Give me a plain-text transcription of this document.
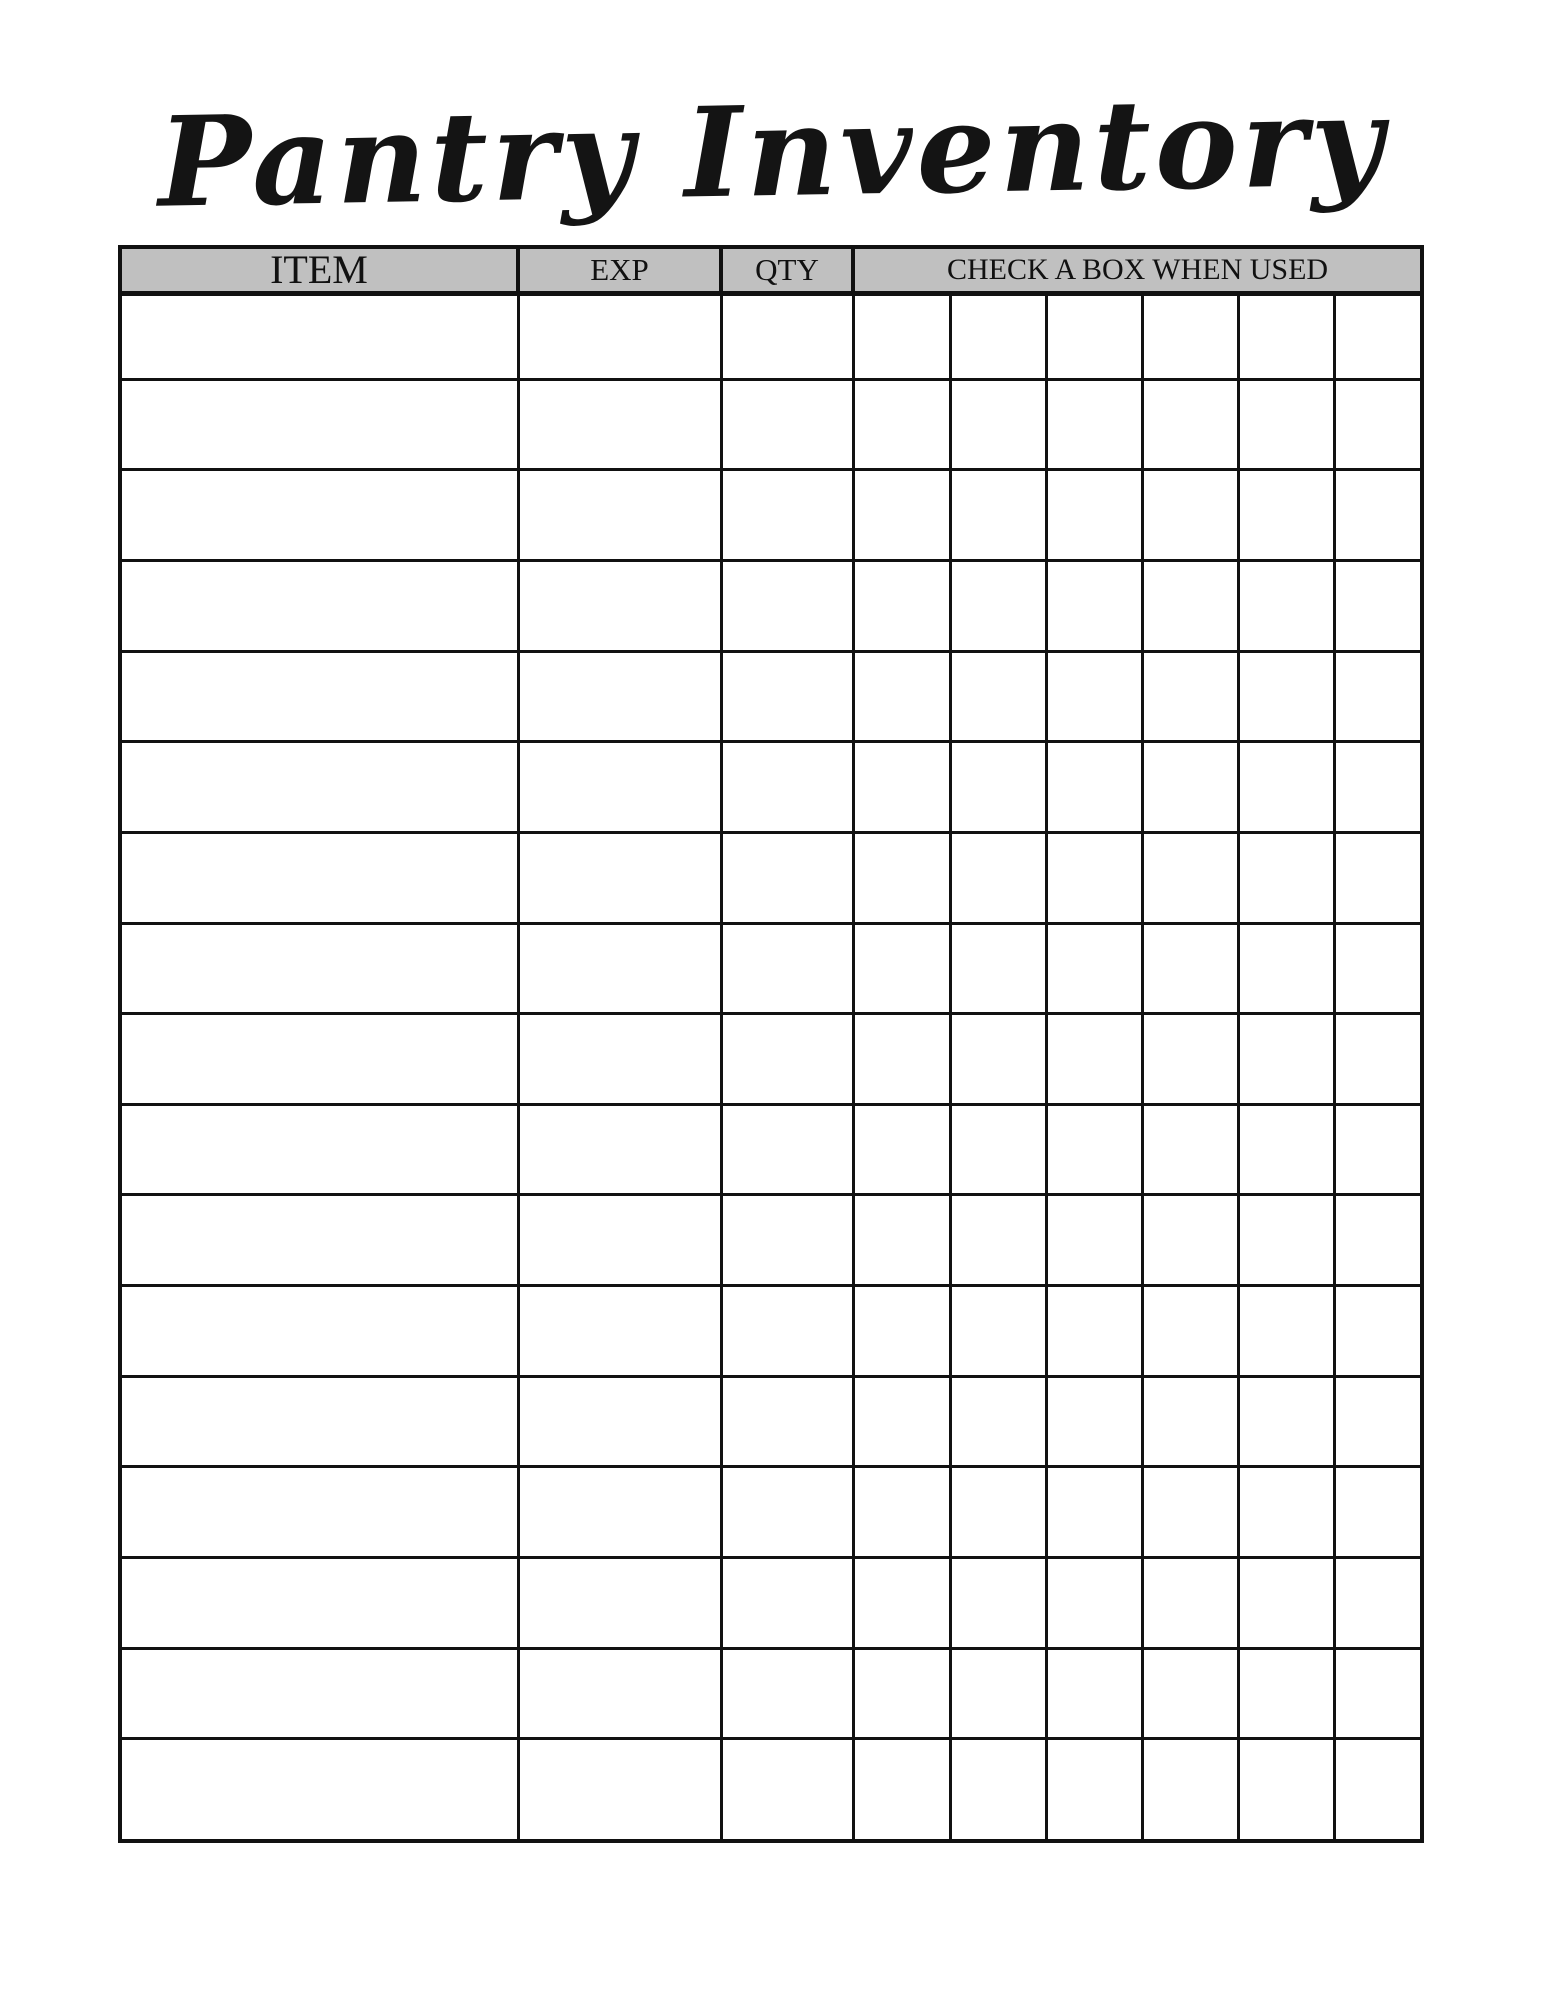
Pantry Inventory
ITEM	EXP	QTY	CHECK A BOX WHEN USED					
